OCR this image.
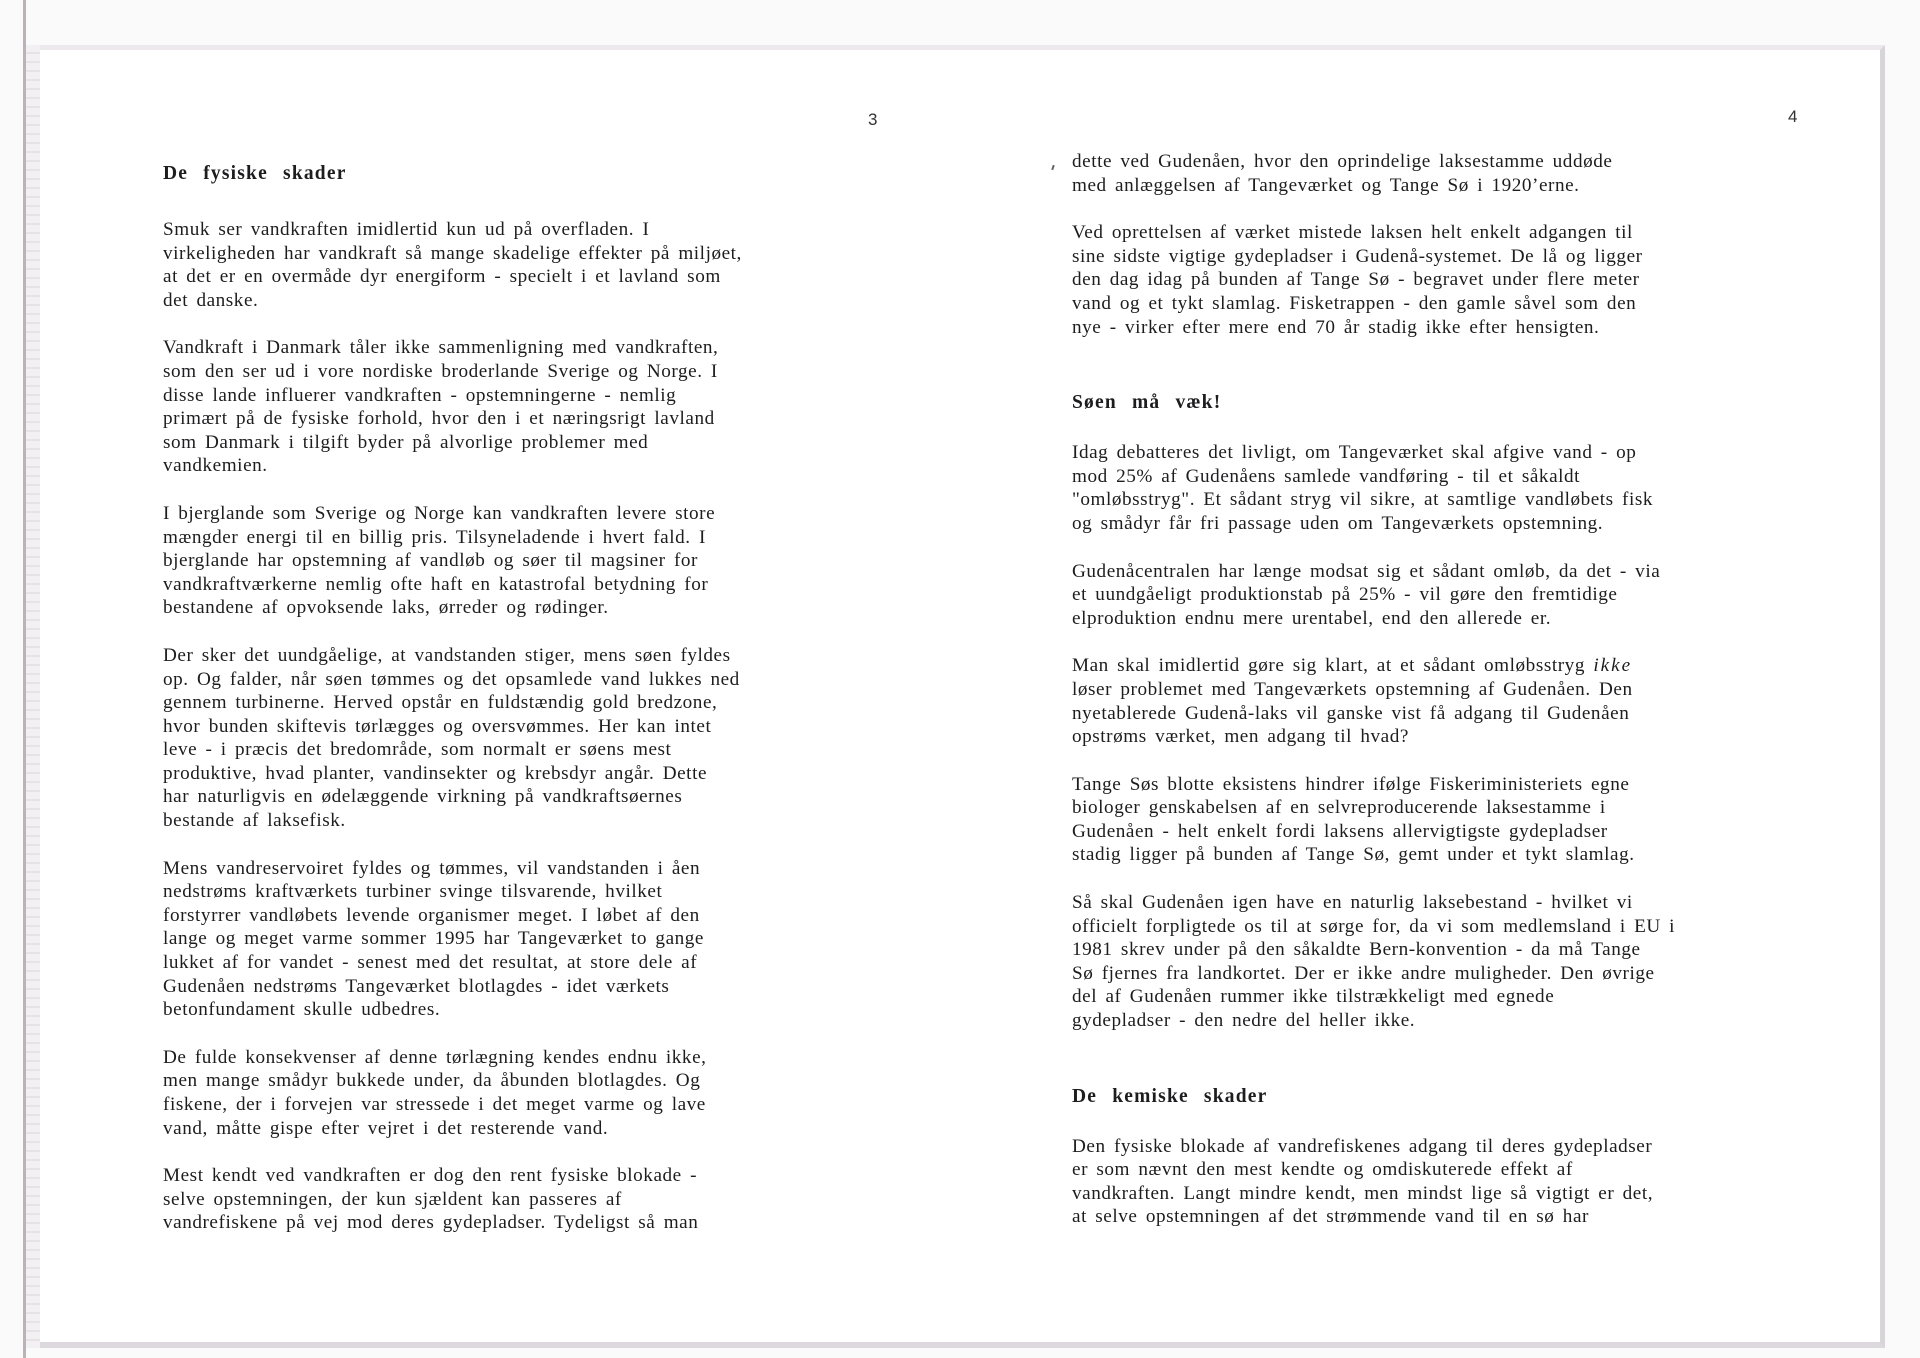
3	4
De fysiske skader

Smuk ser vandkraften imidlertid kun ud på overfladen. I
virkeligheden har vandkraft så mange skadelige effekter på miljøet,
at det er en overmåde dyr energiform - specielt i et lavland som
det danske.

Vandkraft i Danmark tåler ikke sammenligning med vandkraften,
som den ser ud i vore nordiske broderlande Sverige og Norge. I
disse lande influerer vandkraften - opstemningerne - nemlig
primært på de fysiske forhold, hvor den i et næringsrigt lavland
som Danmark i tilgift byder på alvorlige problemer med
vandkemien.

I bjerglande som Sverige og Norge kan vandkraften levere store
mængder energi til en billig pris. Tilsyneladende i hvert fald. I
bjerglande har opstemning af vandløb og søer til magsiner for
vandkraftværkerne nemlig ofte haft en katastrofal betydning for
bestandene af opvoksende laks, ørreder og rødinger.

Der sker det uundgåelige, at vandstanden stiger, mens søen fyldes
op. Og falder, når søen tømmes og det opsamlede vand lukkes ned
gennem turbinerne. Herved opstår en fuldstændig gold bredzone,
hvor bunden skiftevis tørlægges og oversvømmes. Her kan intet
leve - i præcis det bredområde, som normalt er søens mest
produktive, hvad planter, vandinsekter og krebsdyr angår. Dette
har naturligvis en ødelæggende virkning på vandkraftsøernes
bestande af laksefisk.

Mens vandreservoiret fyldes og tømmes, vil vandstanden i åen
nedstrøms kraftværkets turbiner svinge tilsvarende, hvilket
forstyrrer vandløbets levende organismer meget. I løbet af den
lange og meget varme sommer 1995 har Tangeværket to gange
lukket af for vandet - senest med det resultat, at store dele af
Gudenåen nedstrøms Tangeværket blotlagdes - idet værkets
betonfundament skulle udbedres.

De fulde konsekvenser af denne tørlægning kendes endnu ikke,
men mange smådyr bukkede under, da åbunden blotlagdes. Og
fiskene, der i forvejen var stressede i det meget varme og lave
vand, måtte gispe efter vejret i det resterende vand.

Mest kendt ved vandkraften er dog den rent fysiske blokade -
selve opstemningen, der kun sjældent kan passeres af
vandrefiskene på vej mod deres gydepladser. Tydeligst så man

dette ved Gudenåen, hvor den oprindelige laksestamme uddøde
med anlæggelsen af Tangeværket og Tange Sø i 1920’erne.

Ved oprettelsen af værket mistede laksen helt enkelt adgangen til
sine sidste vigtige gydepladser i Gudenå-systemet. De lå og ligger
den dag idag på bunden af Tange Sø - begravet under flere meter
vand og et tykt slamlag. Fisketrappen - den gamle såvel som den
nye - virker efter mere end 70 år stadig ikke efter hensigten.

Søen må væk!

Idag debatteres det livligt, om Tangeværket skal afgive vand - op
mod 25% af Gudenåens samlede vandføring - til et såkaldt
"omløbsstryg". Et sådant stryg vil sikre, at samtlige vandløbets fisk
og smådyr får fri passage uden om Tangeværkets opstemning.

Gudenåcentralen har længe modsat sig et sådant omløb, da det - via
et uundgåeligt produktionstab på 25% - vil gøre den fremtidige
elproduktion endnu mere urentabel, end den allerede er.

Man skal imidlertid gøre sig klart, at et sådant omløbsstryg ikke
løser problemet med Tangeværkets opstemning af Gudenåen. Den
nyetablerede Gudenå-laks vil ganske vist få adgang til Gudenåen
opstrøms værket, men adgang til hvad?

Tange Søs blotte eksistens hindrer ifølge Fiskeriministeriets egne
biologer genskabelsen af en selvreproducerende laksestamme i
Gudenåen - helt enkelt fordi laksens allervigtigste gydepladser
stadig ligger på bunden af Tange Sø, gemt under et tykt slamlag.

Så skal Gudenåen igen have en naturlig laksebestand - hvilket vi
officielt forpligtede os til at sørge for, da vi som medlemsland i EU i
1981 skrev under på den såkaldte Bern-konvention - da må Tange
Sø fjernes fra landkortet. Der er ikke andre muligheder. Den øvrige
del af Gudenåen rummer ikke tilstrækkeligt med egnede
gydepladser - den nedre del heller ikke.

De kemiske skader

Den fysiske blokade af vandrefiskenes adgang til deres gydepladser
er som nævnt den mest kendte og omdiskuterede effekt af
vandkraften. Langt mindre kendt, men mindst lige så vigtigt er det,
at selve opstemningen af det strømmende vand til en sø har
